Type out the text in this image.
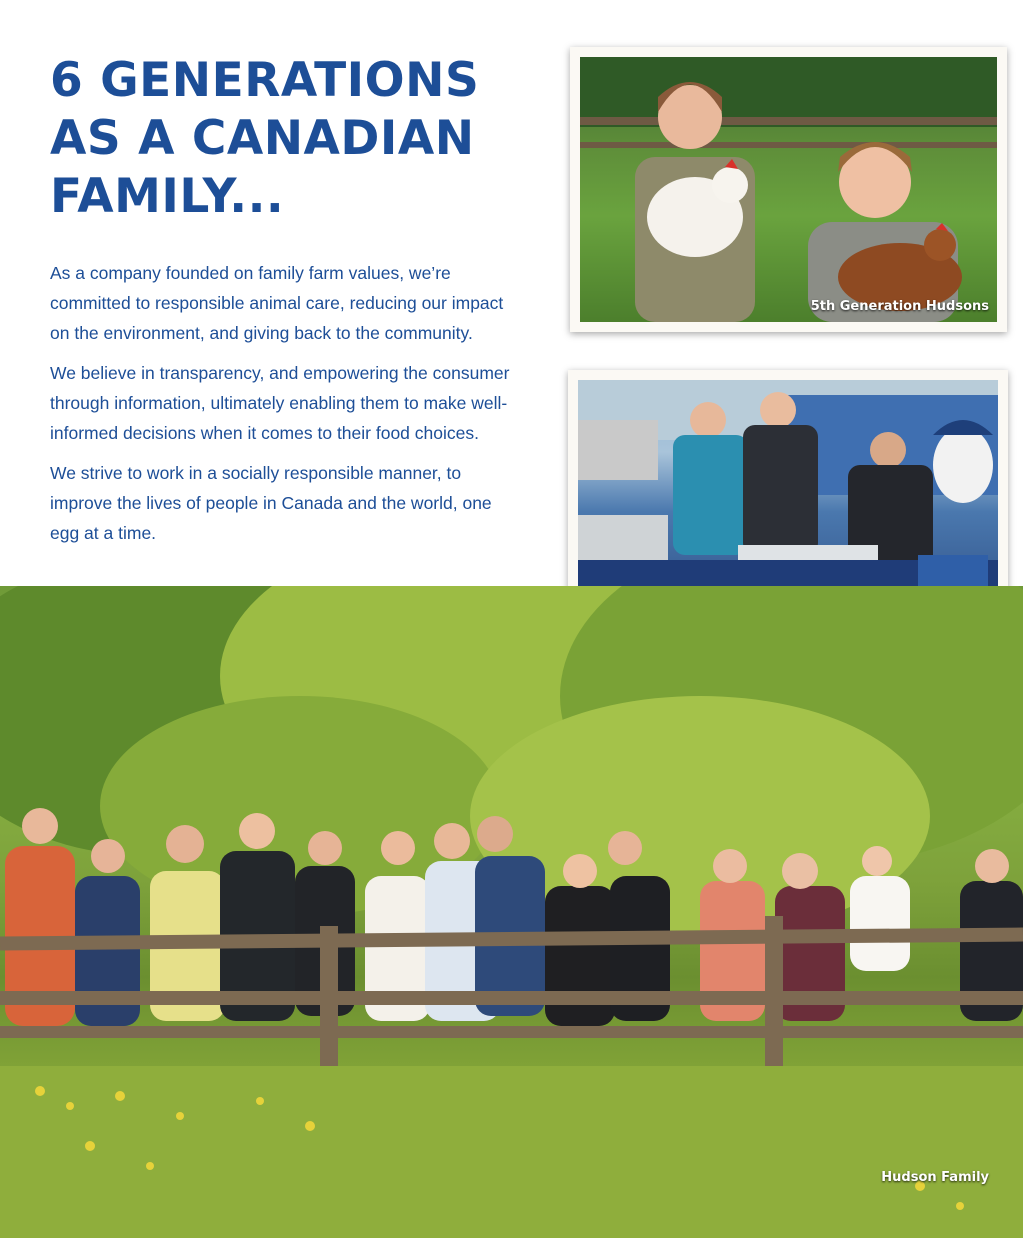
6 GENERATIONS
AS A CANADIAN
FAMILY...

As a company founded on family farm values, we’re committed to responsible animal care, reducing our impact on the environment, and giving back to the community.

We believe in transparency, and empowering the consumer through information, ultimately enabling them to make well-informed decisions when it comes to their food choices.

We strive to work in a socially responsible manner, to improve the lives of people in Canada and the world, one egg at a time.

5th Generation Hudsons
Hudson Family
